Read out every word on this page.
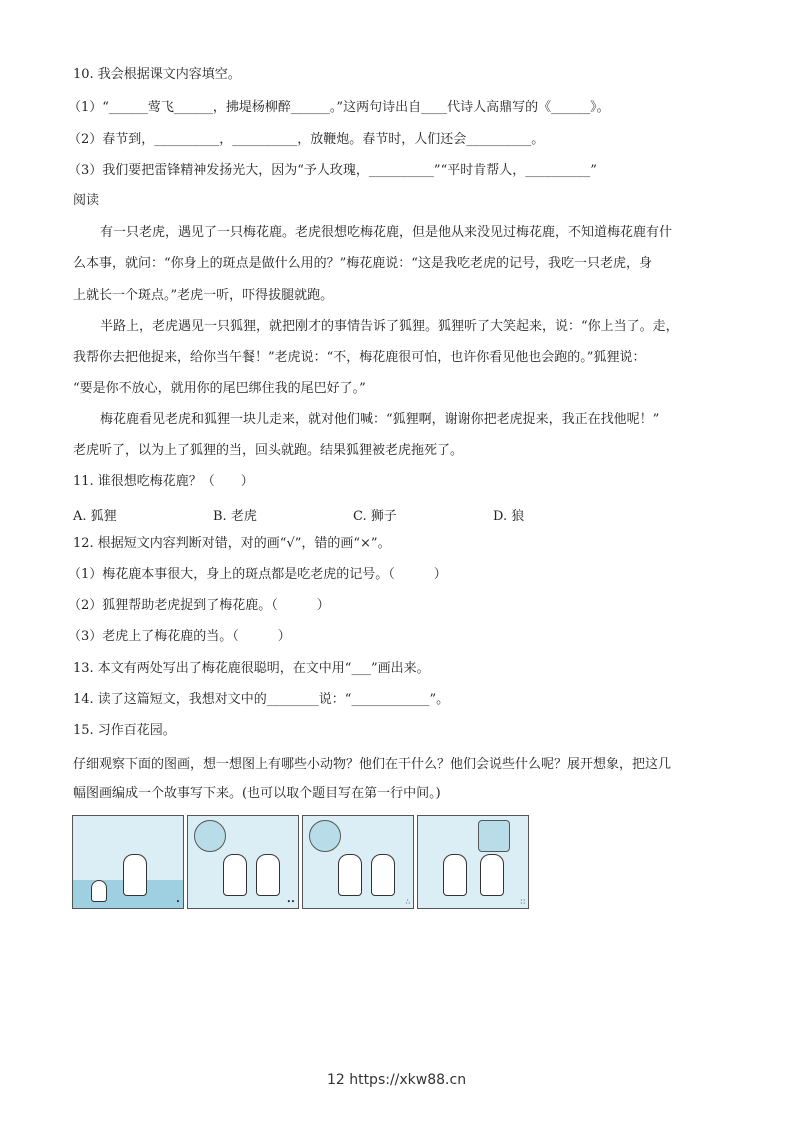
10. 我会根据课文内容填空。
（1）“______莺飞______，拂堤杨柳醉______。”这两句诗出自____代诗人高鼎写的《______》。
（2）春节到，__________，__________，放鞭炮。春节时，人们还会__________。
（3）我们要把雷锋精神发扬光大，因为“予人玫瑰，__________”“平时肯帮人，__________”
阅读
有一只老虎，遇见了一只梅花鹿。老虎很想吃梅花鹿，但是他从来没见过梅花鹿，不知道梅花鹿有什
么本事，就问：“你身上的斑点是做什么用的？”梅花鹿说：“这是我吃老虎的记号，我吃一只老虎，身
上就长一个斑点。”老虎一听，吓得拔腿就跑。
半路上，老虎遇见一只狐狸，就把刚才的事情告诉了狐狸。狐狸听了大笑起来，说：“你上当了。走，
我帮你去把他捉来，给你当午餐！”老虎说：“不，梅花鹿很可怕，也许你看见他也会跑的。”狐狸说：
“要是你不放心，就用你的尾巴绑住我的尾巴好了。”
梅花鹿看见老虎和狐狸一块儿走来，就对他们喊：“狐狸啊，谢谢你把老虎捉来，我正在找他呢！”
老虎听了，以为上了狐狸的当，回头就跑。结果狐狸被老虎拖死了。
11. 谁很想吃梅花鹿？（　　）
A. 狐狸	B. 老虎	C. 狮子	D. 狼
12. 根据短文内容判断对错，对的画“√”，错的画“×”。
（1）梅花鹿本事很大，身上的斑点都是吃老虎的记号。（　　　）
（2）狐狸帮助老虎捉到了梅花鹿。（　　　）
（3）老虎上了梅花鹿的当。（　　　）
13. 本文有两处写出了梅花鹿很聪明，在文中用“___”画出来。
14. 读了这篇短文，我想对文中的________说：“____________”。
15. 习作百花园。
仔细观察下面的图画，想一想图上有哪些小动物？他们在干什么？他们会说些什么呢？展开想象，把这几
幅图画编成一个故事写下来。(也可以取个题目写在第一行中间。)
•	••	∴	∷
12 https://xkw88.cn
